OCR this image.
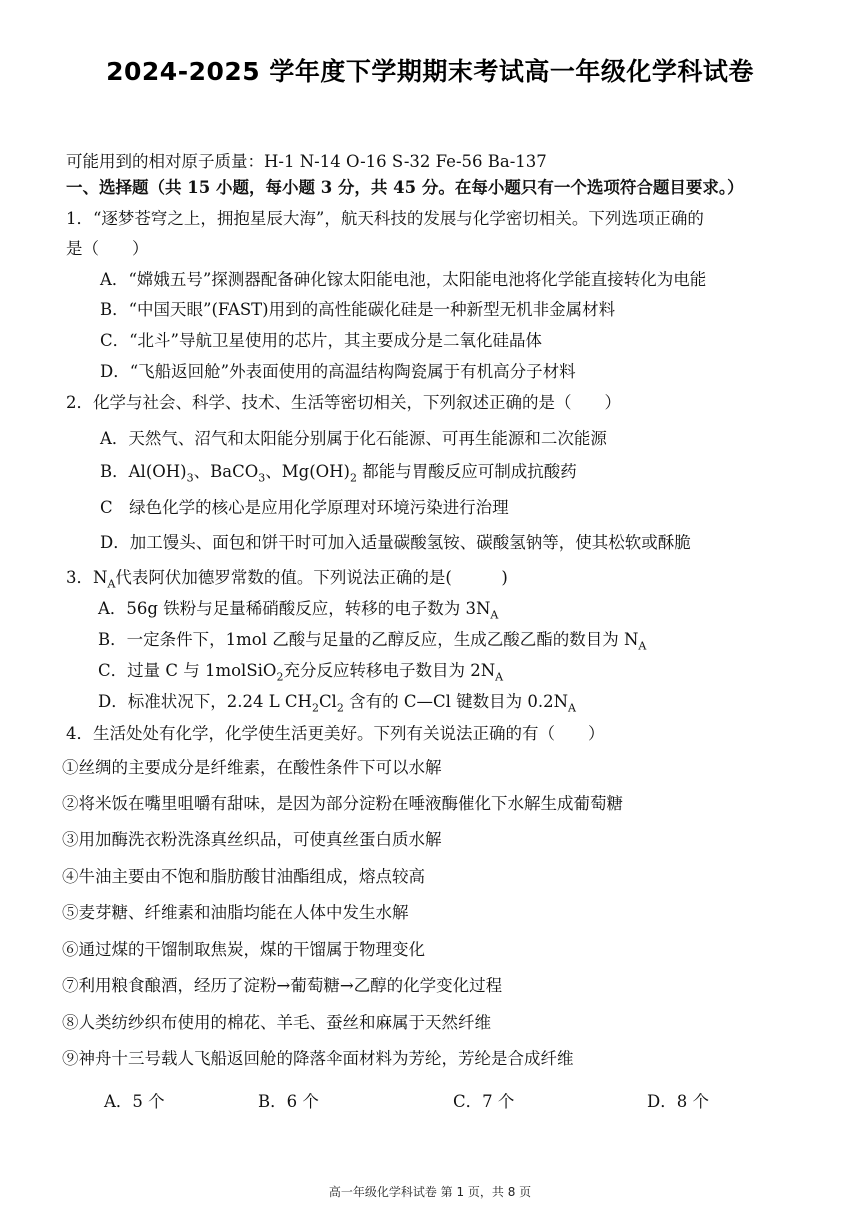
2024-2025 学年度下学期期末考试高一年级化学科试卷
可能用到的相对原子质量：H-1 N-14 O-16 S-32 Fe-56 Ba-137
一、选择题（共 15 小题，每小题 3 分，共 45 分。在每小题只有一个选项符合题目要求。）
1．“逐梦苍穹之上，拥抱星辰大海”，航天科技的发展与化学密切相关。下列选项正确的
是（　　）
A．“嫦娥五号”探测器配备砷化镓太阳能电池，太阳能电池将化学能直接转化为电能
B．“中国天眼”(FAST)用到的高性能碳化硅是一种新型无机非金属材料
C．“北斗”导航卫星使用的芯片，其主要成分是二氧化硅晶体
D．“飞船返回舱”外表面使用的高温结构陶瓷属于有机高分子材料
2．化学与社会、科学、技术、生活等密切相关，下列叙述正确的是（　　）
A．天然气、沼气和太阳能分别属于化石能源、可再生能源和二次能源
B．$Al(OH)_3$、BaCO$_3$、$Mg(OH)_2$ 都能与胃酸反应可制成抗酸药
C　绿色化学的核心是应用化学原理对环境污染进行治理
D．加工馒头、面包和饼干时可加入适量碳酸氢铵、碳酸氢钠等，使其松软或酥脆
3．$N_A$代表阿伏加德罗常数的值。下列说法正确的是(　　　)
A．56g 铁粉与足量稀硝酸反应，转移的电子数为 $3N_A$
B．一定条件下，1mol 乙酸与足量的乙醇反应，生成乙酸乙酯的数目为 $N_A$
C．过量 C 与 1molSiO$_2$充分反应转移电子数目为 $2N_A$
D．标准状况下，2.24 L $CH_2Cl_2$ 含有的 C—Cl 键数目为 $0.2N_A$
4．生活处处有化学，化学使生活更美好。下列有关说法正确的有（　　）
①丝绸的主要成分是纤维素，在酸性条件下可以水解
②将米饭在嘴里咀嚼有甜味，是因为部分淀粉在唾液酶催化下水解生成葡萄糖
③用加酶洗衣粉洗涤真丝织品，可使真丝蛋白质水解
④牛油主要由不饱和脂肪酸甘油酯组成，熔点较高
⑤麦芽糖、纤维素和油脂均能在人体中发生水解
⑥通过煤的干馏制取焦炭，煤的干馏属于物理变化
⑦利用粮食酿酒，经历了淀粉→葡萄糖→乙醇的化学变化过程
⑧人类纺纱织布使用的棉花、羊毛、蚕丝和麻属于天然纤维
⑨神舟十三号载人飞船返回舱的降落伞面材料为芳纶，芳纶是合成纤维
A．5 个	B．6 个	C．7 个	D．8 个
高一年级化学科试卷 第 1 页，共 8 页
